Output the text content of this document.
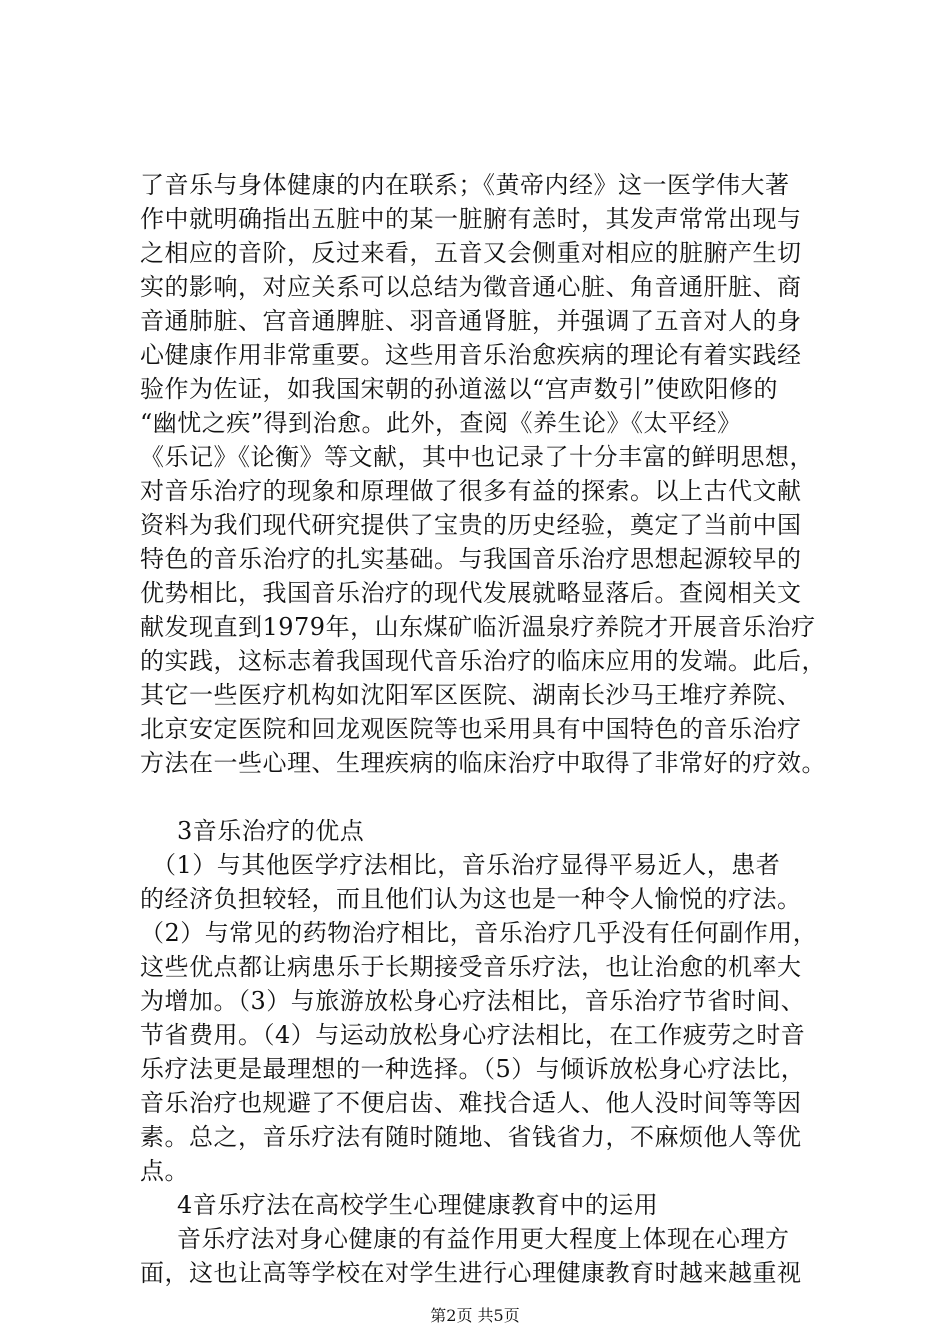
了音乐与身体健康的内在联系；《黄帝内经》这一医学伟大著
作中就明确指出五脏中的某一脏腑有恙时，其发声常常出现与
之相应的音阶，反过来看，五音又会侧重对相应的脏腑产生切
实的影响，对应关系可以总结为徵音通心脏、角音通肝脏、商
音通肺脏、宫音通脾脏、羽音通肾脏，并强调了五音对人的身
心健康作用非常重要。这些用音乐治愈疾病的理论有着实践经
验作为佐证，如我国宋朝的孙道滋以“宫声数引”使欧阳修的
“幽忧之疾”得到治愈。此外，查阅《养生论》《太平经》
《乐记》《论衡》等文献，其中也记录了十分丰富的鲜明思想，
对音乐治疗的现象和原理做了很多有益的探索。以上古代文献
资料为我们现代研究提供了宝贵的历史经验，奠定了当前中国
特色的音乐治疗的扎实基础。与我国音乐治疗思想起源较早的
优势相比，我国音乐治疗的现代发展就略显落后。查阅相关文
献发现直到1979年，山东煤矿临沂温泉疗养院才开展音乐治疗
的实践，这标志着我国现代音乐治疗的临床应用的发端。此后，
其它一些医疗机构如沈阳军区医院、湖南长沙马王堆疗养院、
北京安定医院和回龙观医院等也采用具有中国特色的音乐治疗
方法在一些心理、生理疾病的临床治疗中取得了非常好的疗效。
3音乐治疗的优点
（1）与其他医学疗法相比，音乐治疗显得平易近人，患者
的经济负担较轻，而且他们认为这也是一种令人愉悦的疗法。
（2）与常见的药物治疗相比，音乐治疗几乎没有任何副作用，
这些优点都让病患乐于长期接受音乐疗法，也让治愈的机率大
为增加。（3）与旅游放松身心疗法相比，音乐治疗节省时间、
节省费用。（4）与运动放松身心疗法相比，在工作疲劳之时音
乐疗法更是最理想的一种选择。（5）与倾诉放松身心疗法比，
音乐治疗也规避了不便启齿、难找合适人、他人没时间等等因
素。总之，音乐疗法有随时随地、省钱省力，不麻烦他人等优
点。
4音乐疗法在高校学生心理健康教育中的运用
音乐疗法对身心健康的有益作用更大程度上体现在心理方
面，这也让高等学校在对学生进行心理健康教育时越来越重视
第2页 共5页
